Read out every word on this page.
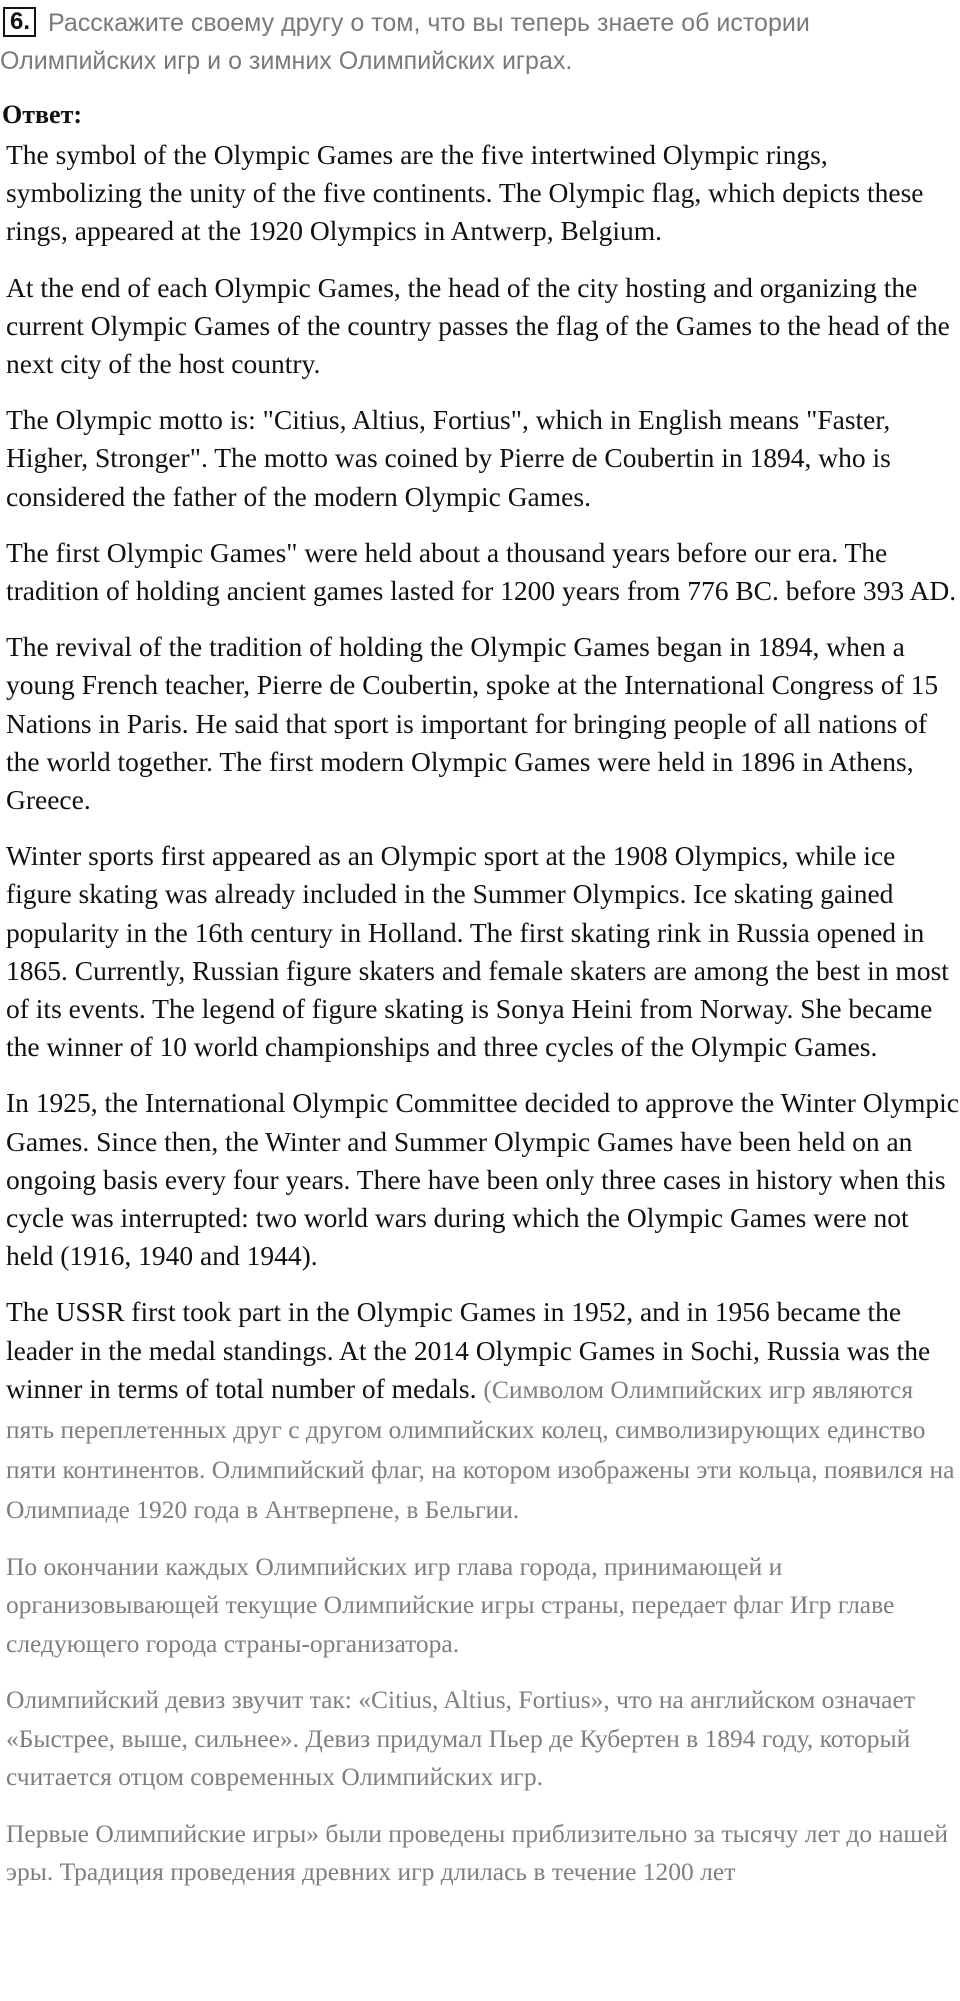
6. Расскажите своему другу о том, что вы теперь знаете об истории Олимпийских игр и о зимних Олимпийских играх.
Ответ:

The symbol of the Olympic Games are the five intertwined Olympic rings, symbolizing the unity of the five continents. The Olympic flag, which depicts these rings, appeared at the 1920 Olympics in Antwerp, Belgium.

At the end of each Olympic Games, the head of the city hosting and organizing the current Olympic Games of the country passes the flag of the Games to the head of the next city of the host country.

The Olympic motto is: "Citius, Altius, Fortius", which in English means "Faster, Higher, Stronger". The motto was coined by Pierre de Coubertin in 1894, who is considered the father of the modern Olympic Games.

The first Olympic Games" were held about a thousand years before our era. The tradition of holding ancient games lasted for 1200 years from 776 BC. before 393 AD.

The revival of the tradition of holding the Olympic Games began in 1894, when a young French teacher, Pierre de Coubertin, spoke at the International Congress of 15 Nations in Paris. He said that sport is important for bringing people of all nations of the world together. The first modern Olympic Games were held in 1896 in Athens, Greece.

Winter sports first appeared as an Olympic sport at the 1908 Olympics, while ice figure skating was already included in the Summer Olympics. Ice skating gained popularity in the 16th century in Holland. The first skating rink in Russia opened in 1865. Currently, Russian figure skaters and female skaters are among the best in most of its events. The legend of figure skating is Sonya Heini from Norway. She became the winner of 10 world championships and three cycles of the Olympic Games.

In 1925, the International Olympic Committee decided to approve the Winter Olympic Games. Since then, the Winter and Summer Olympic Games have been held on an ongoing basis every four years. There have been only three cases in history when this cycle was interrupted: two world wars during which the Olympic Games were not held (1916, 1940 and 1944).

The USSR first took part in the Olympic Games in 1952, and in 1956 became the leader in the medal standings. At the 2014 Olympic Games in Sochi, Russia was the winner in terms of total number of medals. (Символом Олимпийских игр являются пять переплетенных друг с другом олимпийских колец, символизирующих единство пяти континентов. Олимпийский флаг, на котором изображены эти кольца, появился на Олимпиаде 1920 года в Антверпене, в Бельгии.

По окончании каждых Олимпийских игр глава города, принимающей и организовывающей текущие Олимпийские игры страны, передает флаг Игр главе следующего города страны-организатора.
Олимпийский девиз звучит так: «Citius, Altius, Fortius», что на английском означает «Быстрее, выше, сильнее». Девиз придумал Пьер де Кубертен в 1894 году, который считается отцом современных Олимпийских игр.
Первые Олимпийские игры» были проведены приблизительно за тысячу лет до нашей эры. Традиция проведения древних игр длилась в течение 1200 лет
